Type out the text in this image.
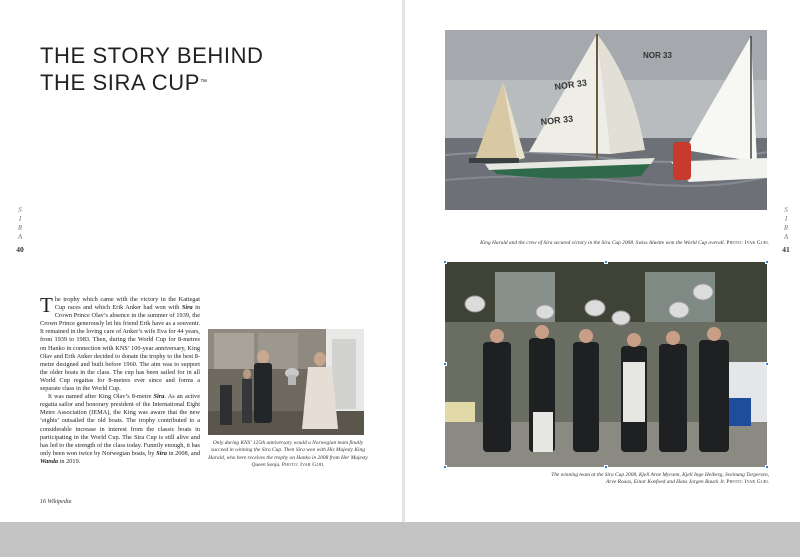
THE STORY BEHIND
THE SIRA CUP™
S
I
R
A
40

The trophy which came with the victory in the Kattegat Cup races and which Erik Anker had won with Sira in Crown Prince Olav’s absence in the summer of 1939, the Crown Prince generously let his friend Erik have as a souvenir. It remained in the loving care of Anker’s wife Eva for 44 years, from 1939 to 1983. Then, during the World Cup for 8-metres on Hanko in connection with KNS’ 100-year anniversary, King Olav and Erik Anker decided to donate the trophy to the best 8-metre designed and built before 1960. The aim was to support the older boats in the class. The cup has been sailed for in all World Cup regattas for 8-metres ever since and forms a separate class in the World Cup.

It was named after King Olav’s 8-metre Sira. As an active regatta sailor and honorary president of the International Eight Metre Association (IEMA), the King was aware that the new ‘eights’ outsailed the old boats. The trophy contributed to a considerable increase in interest from the classic boats in participating in the World Cup. The Sira Cup is still alive and has led to the strength of the class today. Funnily enough, it has only been won twice by Norwegian boats, by Sira in 2008, and Wanda in 2019.

Only during KNS’ 125th anniversary would a Norwegian team finally succeed in winning the Sira Cup. Then Sira won with His Majesty King Harald, who here receives the trophy on Hanko in 2008 from Her Majesty Queen Sonja. Photo: Ivar Gjæl
16 Wikipedia
S
I
R
A
41
NOR 33
NOR 33
NOR 33
King Harald and the crew of Sira secured victory in the Sira Cup 2008. Swiss Aluette won the World Cup overall. Photo: Ivar Gjæl
The winning team at the Sira Cup 2008, Kjell Arne Myrann, Kjell Inge Heiberg, Sveinung Torgersen,
Arve Roaas, Einar Koefoed and Hans Jorgen Bauck Jr. Photo: Ivar Gjæl
